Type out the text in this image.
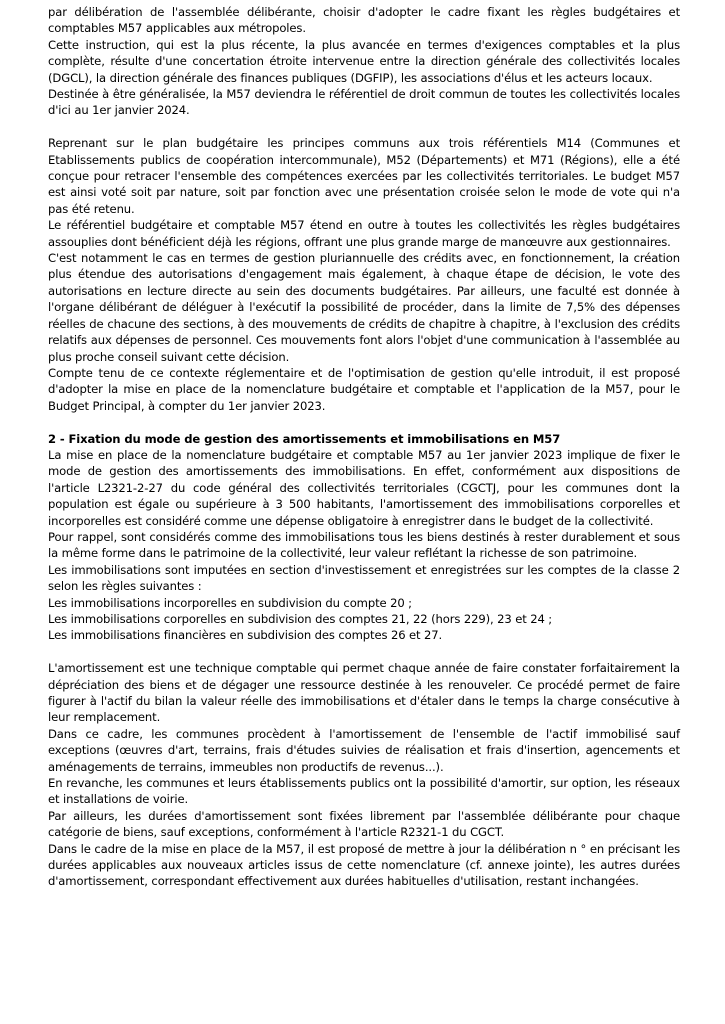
par délibération de l'assemblée délibérante, choisir d'adopter le cadre fixant les règles budgétaires et comptables M57 applicables aux métropoles.

Cette instruction, qui est la plus récente, la plus avancée en termes d'exigences comptables et la plus complète, résulte d'une concertation étroite intervenue entre la direction générale des collectivités locales (DGCL), la direction générale des finances publiques (DGFIP), les associations d'élus et les acteurs locaux.

Destinée à être généralisée, la M57 deviendra le référentiel de droit commun de toutes les collectivités locales d'ici au 1er janvier 2024.

Reprenant sur le plan budgétaire les principes communs aux trois référentiels M14 (Communes et Etablissements publics de coopération intercommunale), M52 (Départements) et M71 (Régions), elle a été conçue pour retracer l'ensemble des compétences exercées par les collectivités territoriales. Le budget M57 est ainsi voté soit par nature, soit par fonction avec une présentation croisée selon le mode de vote qui n'a pas été retenu.

Le référentiel budgétaire et comptable M57 étend en outre à toutes les collectivités les règles budgétaires assouplies dont bénéficient déjà les régions, offrant une plus grande marge de manœuvre aux gestionnaires.

C'est notamment le cas en termes de gestion pluriannuelle des crédits avec, en fonctionnement, la création plus étendue des autorisations d'engagement mais également, à chaque étape de décision, le vote des autorisations en lecture directe au sein des documents budgétaires. Par ailleurs, une faculté est donnée à l'organe délibérant de déléguer à l'exécutif la possibilité de procéder, dans la limite de 7,5% des dépenses réelles de chacune des sections, à des mouvements de crédits de chapitre à chapitre, à l'exclusion des crédits relatifs aux dépenses de personnel. Ces mouvements font alors l'objet d'une communication à l'assemblée au plus proche conseil suivant cette décision.

Compte tenu de ce contexte réglementaire et de l'optimisation de gestion qu'elle introduit, il est proposé d'adopter la mise en place de la nomenclature budgétaire et comptable et l'application de la M57, pour le Budget Principal, à compter du 1er janvier 2023.

2 - Fixation du mode de gestion des amortissements et immobilisations en M57

La mise en place de la nomenclature budgétaire et comptable M57 au 1er janvier 2023 implique de fixer le mode de gestion des amortissements des immobilisations. En effet, conformément aux dispositions de l'article L2321-2-27 du code général des collectivités territoriales (CGCTJ, pour les communes dont la population est égale ou supérieure à 3 500 habitants, l'amortissement des immobilisations corporelles et incorporelles est considéré comme une dépense obligatoire à enregistrer dans le budget de la collectivité.

Pour rappel, sont considérés comme des immobilisations tous les biens destinés à rester durablement et sous la même forme dans le patrimoine de la collectivité, leur valeur reflétant la richesse de son patrimoine.

Les immobilisations sont imputées en section d'investissement et enregistrées sur les comptes de la classe 2 selon les règles suivantes :

Les immobilisations incorporelles en subdivision du compte 20 ;

Les immobilisations corporelles en subdivision des comptes 21, 22 (hors 229), 23 et 24 ;

Les immobilisations financières en subdivision des comptes 26 et 27.

L'amortissement est une technique comptable qui permet chaque année de faire constater forfaitairement la dépréciation des biens et de dégager une ressource destinée à les renouveler. Ce procédé permet de faire figurer à l'actif du bilan la valeur réelle des immobilisations et d'étaler dans le temps la charge consécutive à leur remplacement.

Dans ce cadre, les communes procèdent à l'amortissement de l'ensemble de l'actif immobilisé sauf exceptions (œuvres d'art, terrains, frais d'études suivies de réalisation et frais d'insertion, agencements et aménagements de terrains, immeubles non productifs de revenus...).

En revanche, les communes et leurs établissements publics ont la possibilité d'amortir, sur option, les réseaux et installations de voirie.

Par ailleurs, les durées d'amortissement sont fixées librement par l'assemblée délibérante pour chaque catégorie de biens, sauf exceptions, conformément à l'article R2321-1 du CGCT.

Dans le cadre de la mise en place de la M57, il est proposé de mettre à jour la délibération n ° en précisant les durées applicables aux nouveaux articles issus de cette nomenclature (cf. annexe jointe), les autres durées d'amortissement, correspondant effectivement aux durées habituelles d'utilisation, restant inchangées.
